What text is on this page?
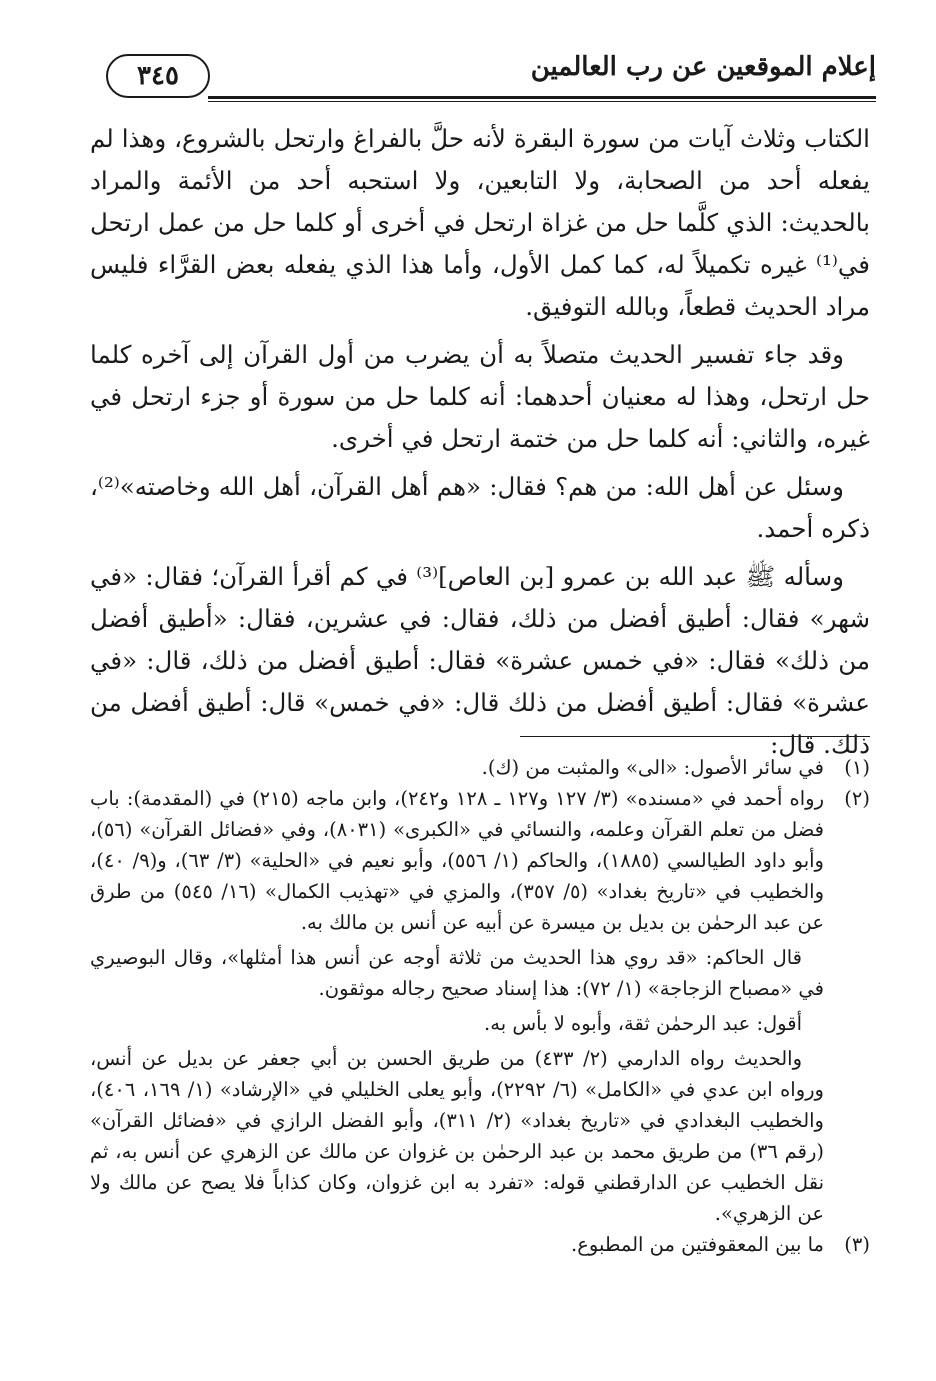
٣٤٥	إعلام الموقعين عن رب العالمين

الكتاب وثلاث آيات من سورة البقرة لأنه حلَّ بالفراغ وارتحل بالشروع، وهذا لم يفعله أحد من الصحابة، ولا التابعين، ولا استحبه أحد من الأئمة والمراد بالحديث: الذي كلَّما حل من غزاة ارتحل في أخرى أو كلما حل من عمل ارتحل في⁽¹⁾ غيره تكميلاً له، كما كمل الأول، وأما هذا الذي يفعله بعض القرَّاء فليس مراد الحديث قطعاً، وبالله التوفيق.

وقد جاء تفسير الحديث متصلاً به أن يضرب من أول القرآن إلى آخره كلما حل ارتحل، وهذا له معنيان أحدهما: أنه كلما حل من سورة أو جزء ارتحل في غيره، والثاني: أنه كلما حل من ختمة ارتحل في أخرى.

وسئل عن أهل الله: من هم؟ فقال: «هم أهل القرآن، أهل الله وخاصته»⁽²⁾، ذكره أحمد.

وسأله ﷺ عبد الله بن عمرو [بن العاص]⁽³⁾ في كم أقرأ القرآن؛ فقال: «في شهر» فقال: أطيق أفضل من ذلك، فقال: في عشرين، فقال: «أطيق أفضل من ذلك» فقال: «في خمس عشرة» فقال: أطيق أفضل من ذلك، قال: «في عشرة» فقال: أطيق أفضل من ذلك قال: «في خمس» قال: أطيق أفضل من ذلك. قال:

(١)
في سائر الأصول: «الى» والمثبت من (ك).
(٢)
رواه أحمد في «مسنده» (٣/ ١٢٧ و١٢٧ ـ ١٢٨ و٢٤٢)، وابن ماجه (٢١٥) في (المقدمة): باب فضل من تعلم القرآن وعلمه، والنسائي في «الكبرى» (٨٠٣١)، وفي «فضائل القرآن» (٥٦)، وأبو داود الطيالسي (١٨٨٥)، والحاكم (١/ ٥٥٦)، وأبو نعيم في «الحلية» (٣/ ٦٣)، و(٩/ ٤٠)، والخطيب في «تاريخ بغداد» (٥/ ٣٥٧)، والمزي في «تهذيب الكمال» (١٦/ ٥٤٥) من طرق عن عبد الرحمٰن بن بديل بن ميسرة عن أبيه عن أنس بن مالك به.

قال الحاكم: «قد روي هذا الحديث من ثلاثة أوجه عن أنس هذا أمثلها»، وقال البوصيري في «مصباح الزجاجة» (١/ ٧٢): هذا إسناد صحيح رجاله موثقون.

أقول: عبد الرحمٰن ثقة، وأبوه لا بأس به.

والحديث رواه الدارمي (٢/ ٤٣٣) من طريق الحسن بن أبي جعفر عن بديل عن أنس، ورواه ابن عدي في «الكامل» (٦/ ٢٢٩٢)، وأبو يعلى الخليلي في «الإرشاد» (١/ ١٦٩، ٤٠٦)، والخطيب البغدادي في «تاريخ بغداد» (٢/ ٣١١)، وأبو الفضل الرازي في «فضائل القرآن» (رقم ٣٦) من طريق محمد بن عبد الرحمٰن بن غزوان عن مالك عن الزهري عن أنس به، ثم نقل الخطيب عن الدارقطني قوله: «تفرد به ابن غزوان، وكان كذاباً فلا يصح عن مالك ولا عن الزهري».

(٣)
ما بين المعقوفتين من المطبوع.
